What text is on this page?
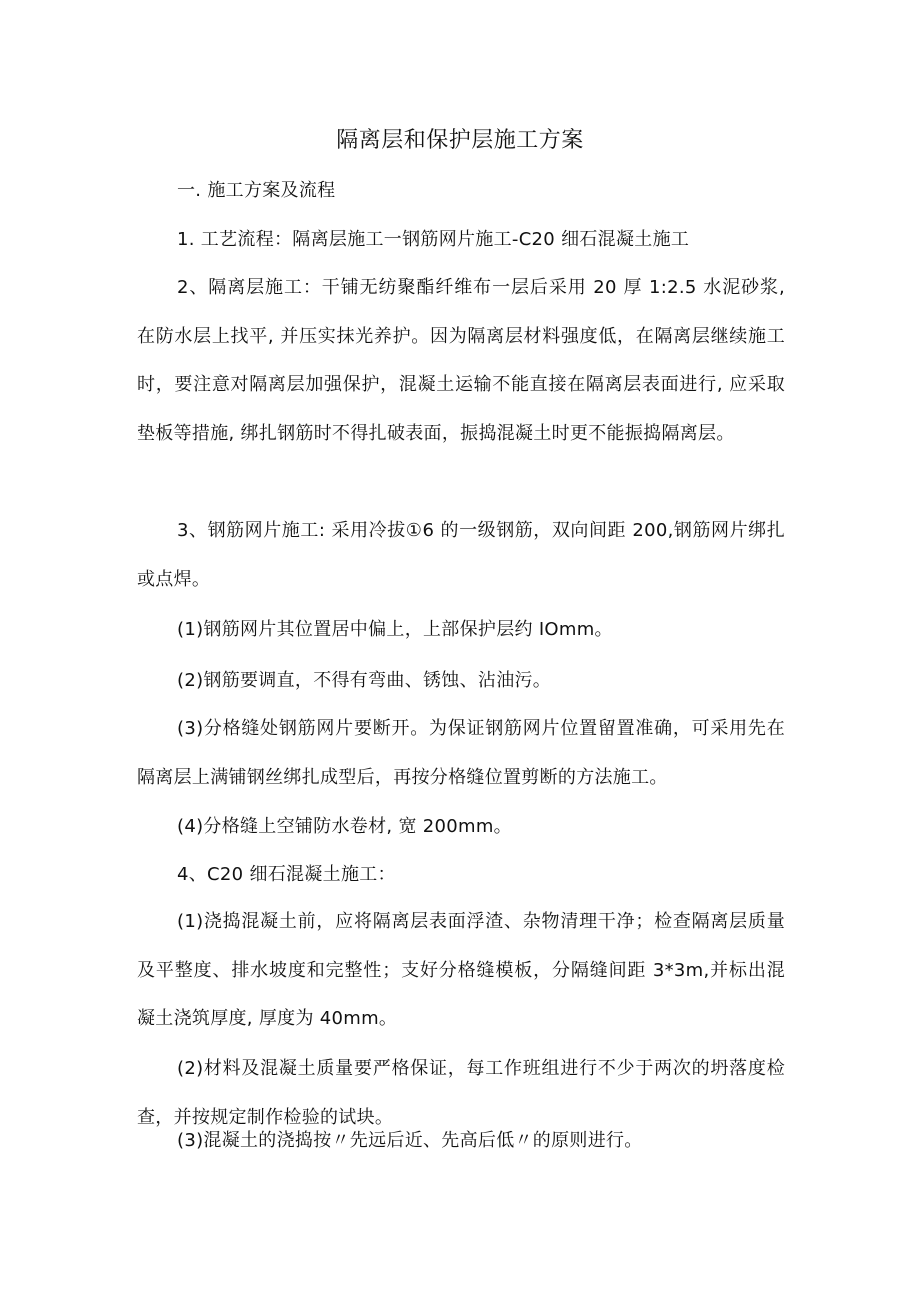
隔离层和保护层施工方案

一. 施工方案及流程

1. 工艺流程：隔离层施工一钢筋网片施工-C20 细石混凝土施工

2、隔离层施工：干铺无纺聚酯纤维布一层后采用 20 厚 1:2.5 水泥砂浆, 在防水层上找平, 并压实抹光养护。因为隔离层材料强度低，在隔离层继续施工时，要注意对隔离层加强保护，混凝土运输不能直接在隔离层表面进行, 应采取垫板等措施, 绑扎钢筋时不得扎破表面，振捣混凝土时更不能振捣隔离层。

3、钢筋网片施工: 采用冷拔①6 的一级钢筋，双向间距 200,钢筋网片绑扎或点焊。

(1)钢筋网片其位置居中偏上，上部保护层约 IOmm。

(2)钢筋要调直，不得有弯曲、锈蚀、沾油污。

(3)分格缝处钢筋网片要断开。为保证钢筋网片位置留置准确，可采用先在隔离层上满铺钢丝绑扎成型后，再按分格缝位置剪断的方法施工。

(4)分格缝上空铺防水卷材, 宽 200mm。

4、C20 细石混凝土施工：

(1)浇捣混凝土前，应将隔离层表面浮渣、杂物清理干净；检查隔离层质量及平整度、排水坡度和完整性；支好分格缝模板，分隔缝间距 3*3m,并标出混凝土浇筑厚度, 厚度为 40mm。

(2)材料及混凝土质量要严格保证，每工作班组进行不少于两次的坍落度检查，并按规定制作检验的试块。

(3)混凝土的浇捣按〃先远后近、先高后低〃的原则进行。
